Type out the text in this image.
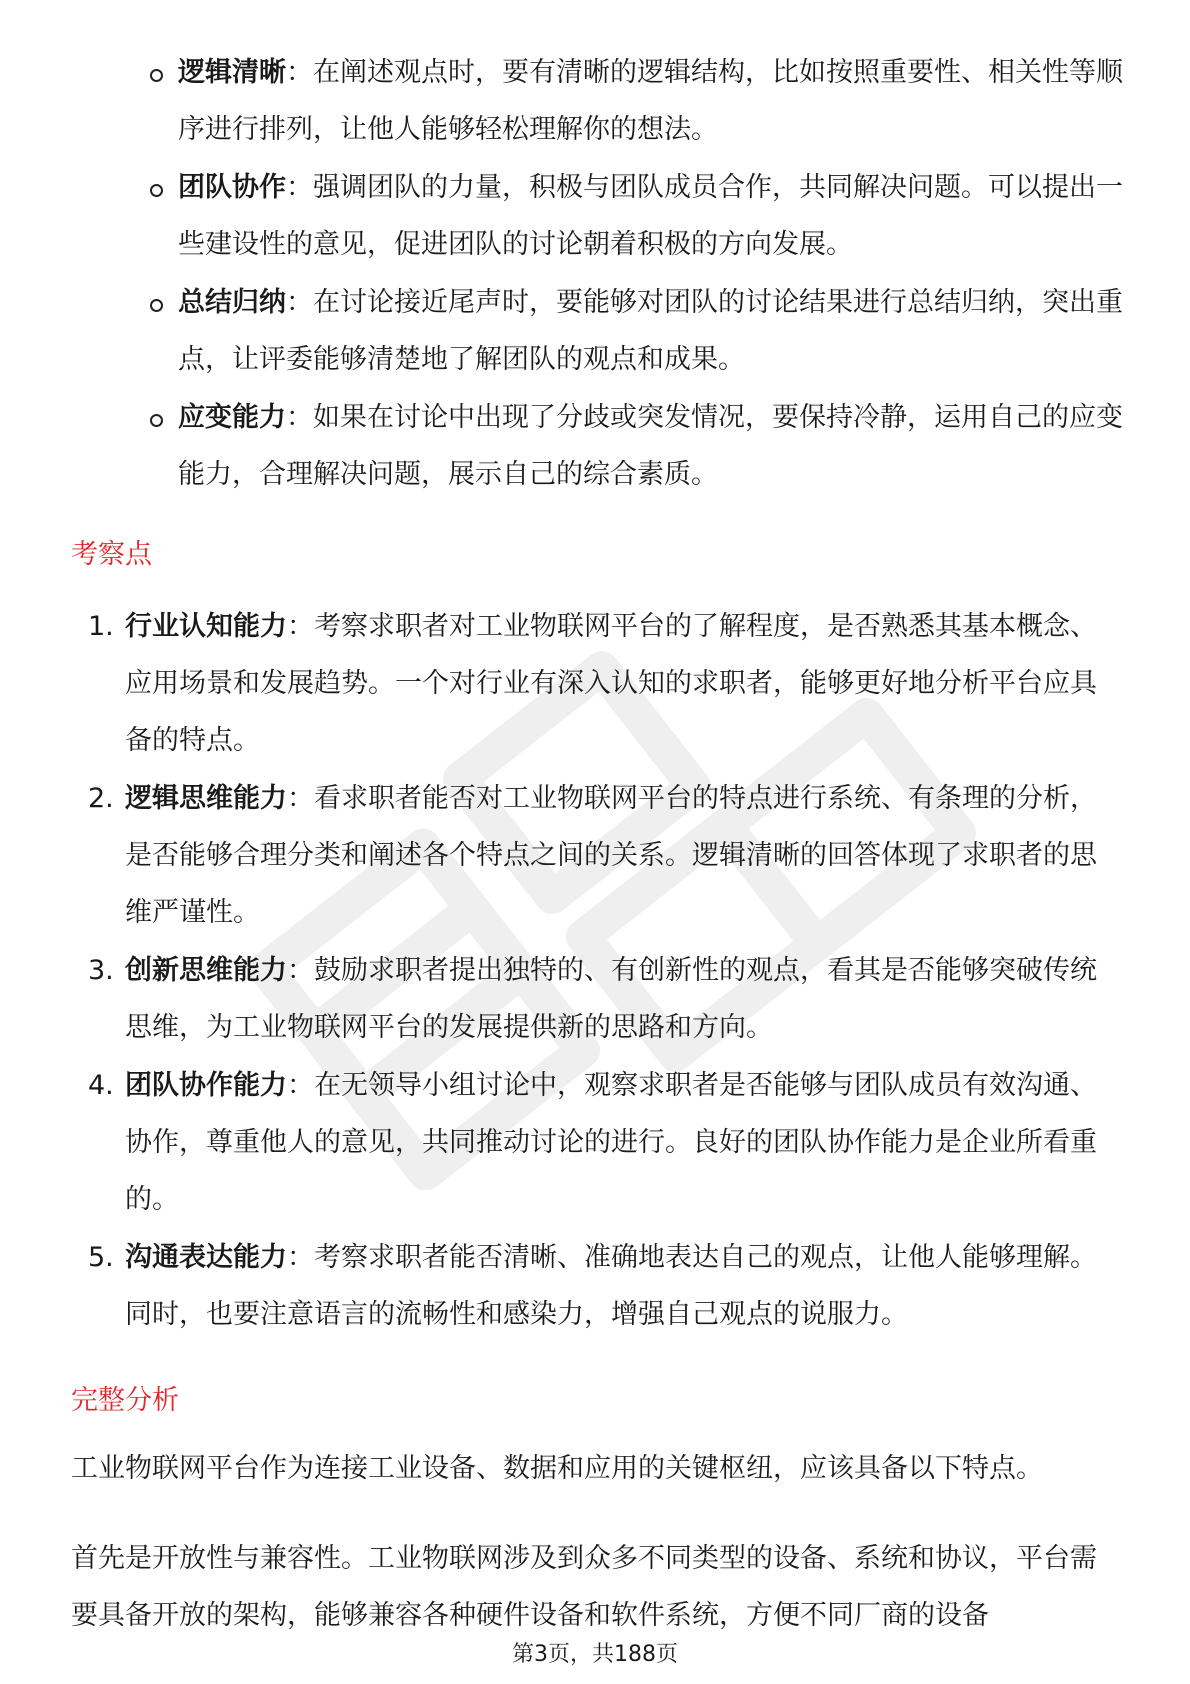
逻辑清晰：在阐述观点时，要有清晰的逻辑结构，比如按照重要性、相关性等顺序进行排列，让他人能够轻松理解你的想法。
团队协作：强调团队的力量，积极与团队成员合作，共同解决问题。可以提出一些建设性的意见，促进团队的讨论朝着积极的方向发展。
总结归纳：在讨论接近尾声时，要能够对团队的讨论结果进行总结归纳，突出重点，让评委能够清楚地了解团队的观点和成果。
应变能力：如果在讨论中出现了分歧或突发情况，要保持冷静，运用自己的应变能力，合理解决问题，展示自己的综合素质。
考察点
1. 行业认知能力：考察求职者对工业物联网平台的了解程度，是否熟悉其基本概念、应用场景和发展趋势。一个对行业有深入认知的求职者，能够更好地分析平台应具备的特点。
2. 逻辑思维能力：看求职者能否对工业物联网平台的特点进行系统、有条理的分析，是否能够合理分类和阐述各个特点之间的关系。逻辑清晰的回答体现了求职者的思维严谨性。
3. 创新思维能力：鼓励求职者提出独特的、有创新性的观点，看其是否能够突破传统思维，为工业物联网平台的发展提供新的思路和方向。
4. 团队协作能力：在无领导小组讨论中，观察求职者是否能够与团队成员有效沟通、协作，尊重他人的意见，共同推动讨论的进行。良好的团队协作能力是企业所看重的。
5. 沟通表达能力：考察求职者能否清晰、准确地表达自己的观点，让他人能够理解。同时，也要注意语言的流畅性和感染力，增强自己观点的说服力。
完整分析

工业物联网平台作为连接工业设备、数据和应用的关键枢纽，应该具备以下特点。

首先是开放性与兼容性。工业物联网涉及到众多不同类型的设备、系统和协议，平台需要具备开放的架构，能够兼容各种硬件设备和软件系统，方便不同厂商的设备

第3页，共188页
